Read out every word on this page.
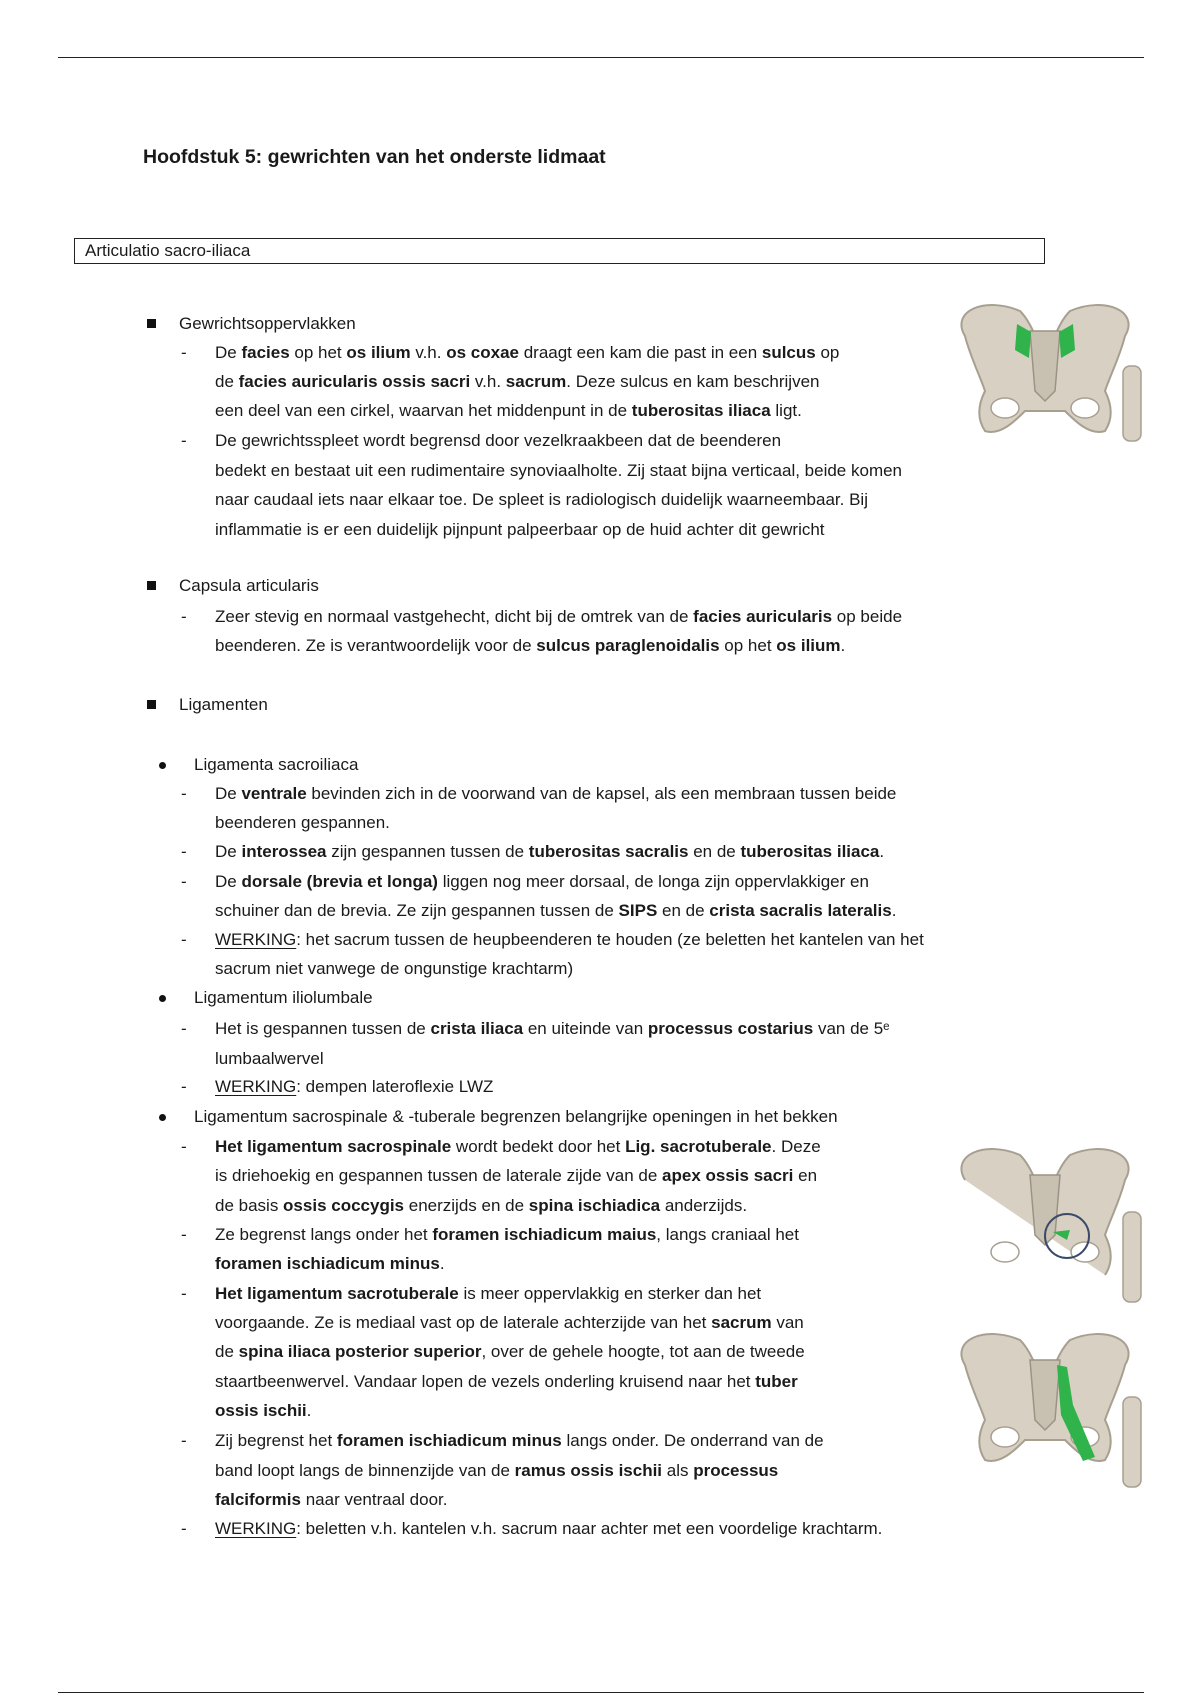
Hoofdstuk 5: gewrichten van het onderste lidmaat
Articulatio sacro-iliaca
Gewrichtsoppervlakken
- De facies op het os ilium v.h. os coxae draagt een kam die past in een sulcus op
de facies auricularis ossis sacri v.h. sacrum. Deze sulcus en kam beschrijven
een deel van een cirkel, waarvan het middenpunt in de tuberositas iliaca ligt.
- De gewrichtsspleet wordt begrensd door vezelkraakbeen dat de beenderen
bedekt en bestaat uit een rudimentaire synoviaalholte. Zij staat bijna verticaal, beide komen
naar caudaal iets naar elkaar toe. De spleet is radiologisch duidelijk waarneembaar. Bij
inflammatie is er een duidelijk pijnpunt palpeerbaar op de huid achter dit gewricht
Capsula articularis
- Zeer stevig en normaal vastgehecht, dicht bij de omtrek van de facies auricularis op beide
beenderen. Ze is verantwoordelijk voor de sulcus paraglenoidalis op het os ilium.
Ligamenten
Ligamenta sacroiliaca
- De ventrale bevinden zich in de voorwand van de kapsel, als een membraan tussen beide
beenderen gespannen.
- De interossea zijn gespannen tussen de tuberositas sacralis en de tuberositas iliaca.
- De dorsale (brevia et longa) liggen nog meer dorsaal, de longa zijn oppervlakkiger en
schuiner dan de brevia. Ze zijn gespannen tussen de SIPS en de crista sacralis lateralis.
- WERKING: het sacrum tussen de heupbeenderen te houden (ze beletten het kantelen van het
sacrum niet vanwege de ongunstige krachtarm)
Ligamentum iliolumbale
- Het is gespannen tussen de crista iliaca en uiteinde van processus costarius van de 5ᵉ
lumbaalwervel
- WERKING: dempen lateroflexie LWZ
Ligamentum sacrospinale & -tuberale begrenzen belangrijke openingen in het bekken
- Het ligamentum sacrospinale wordt bedekt door het Lig. sacrotuberale. Deze
is driehoekig en gespannen tussen de laterale zijde van de apex ossis sacri en
de basis ossis coccygis enerzijds en de spina ischiadica anderzijds.
- Ze begrenst langs onder het foramen ischiadicum maius, langs craniaal het
foramen ischiadicum minus.
- Het ligamentum sacrotuberale is meer oppervlakkig en sterker dan het
voorgaande. Ze is mediaal vast op de laterale achterzijde van het sacrum van
de spina iliaca posterior superior, over de gehele hoogte, tot aan de tweede
staartbeenwervel. Vandaar lopen de vezels onderling kruisend naar het tuber
ossis ischii.
- Zij begrenst het foramen ischiadicum minus langs onder. De onderrand van de
band loopt langs de binnenzijde van de ramus ossis ischii als processus
falciformis naar ventraal door.
- WERKING: beletten v.h. kantelen v.h. sacrum naar achter met een voordelige krachtarm.
